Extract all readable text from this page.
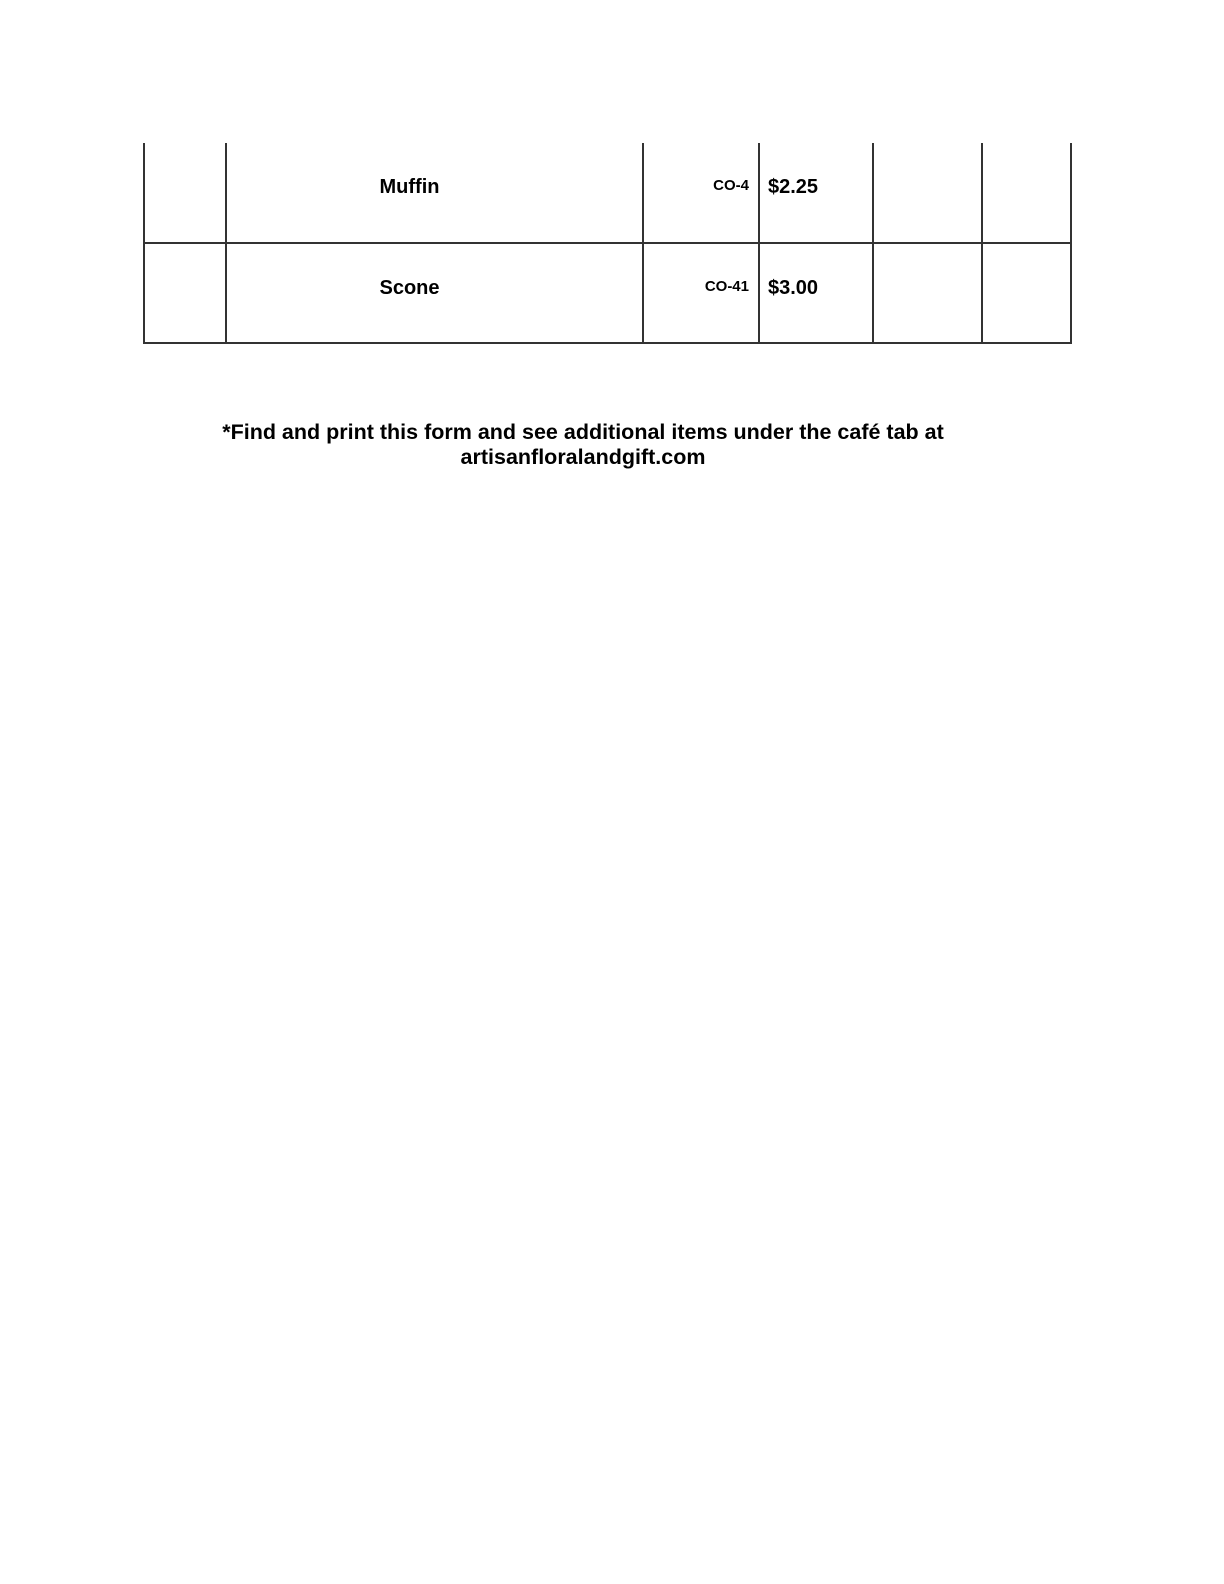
	Muffin	CO-4	$2.25		
	Scone	CO-41	$3.00		
*Find and print this form and see additional items under the café tab at
artisanfloralandgift.com
